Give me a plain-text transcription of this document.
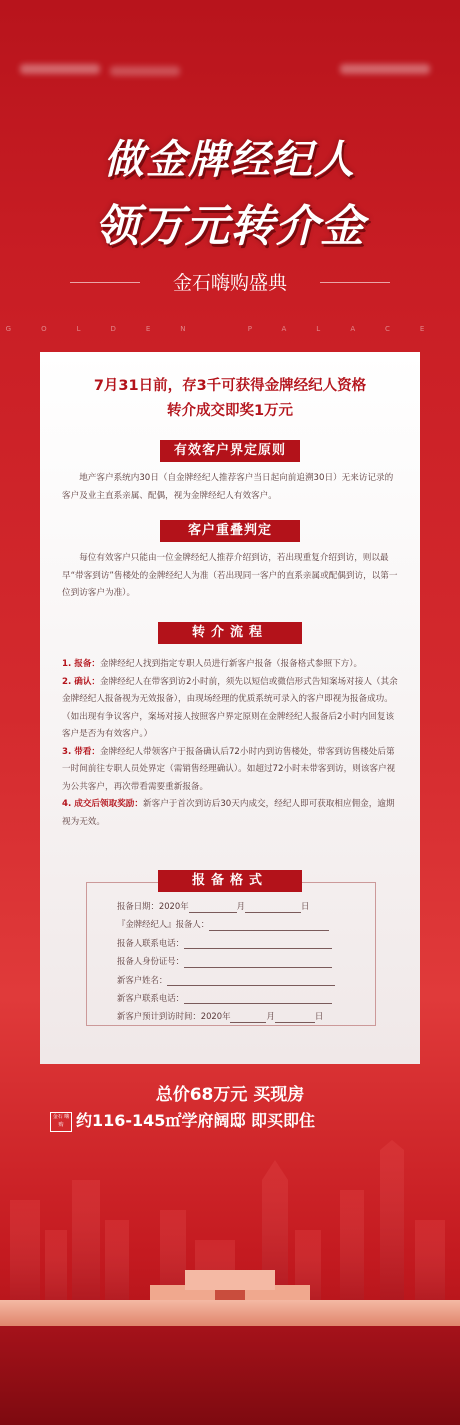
做金牌经纪人
领万元转介金
金石嗨购盛典
GOLDEN PALACE
7月31日前，存3千可获得金牌经纪人资格
转介成交即奖1万元
有效客户界定原则
地产客户系统内30日（自金牌经纪人推荐客户当日起向前追溯30日）无来访记录的客户及业主直系亲属、配偶，视为金牌经纪人有效客户。
客户重叠判定
每位有效客户只能由一位金牌经纪人推荐介绍到访，若出现重复介绍到访，则以最早“带客到访”售楼处的金牌经纪人为准（若出现同一客户的直系亲属或配偶到访，以第一位到访客户为准）。
转介流程

1. 报备：金牌经纪人找到指定专职人员进行新客户报备（报备格式参照下方）。

2. 确认：金牌经纪人在带客到访2小时前，须先以短信或微信形式告知案场对接人（其余金牌经纪人报备视为无效报备），由现场经理的优质系统可录入的客户即视为报备成功。（如出现有争议客户，案场对接人按照客户界定原则在金牌经纪人报备后2小时内回复该客户是否为有效客户。）

3. 带看：金牌经纪人带领客户于报备确认后72小时内到访售楼处，带客到访售楼处后第一时间前往专职人员处界定（需销售经理确认）。如超过72小时未带客到访，则该客户视为公共客户，再次带看需要重新报备。

4. 成交后领取奖励：新客户于首次到访后30天内成交，经纪人即可获取相应佣金，逾期视为无效。

报备日期：2020年	月	日
『金牌经纪人』报备人：
报备人联系电话：
报备人身份证号：
新客户姓名：
新客户联系电话：
新客户预计到访时间：2020年	月	日
报备格式
总价68万元 买现房
金石 嗨购 约116-145㎡学府阔邸 即买即住
